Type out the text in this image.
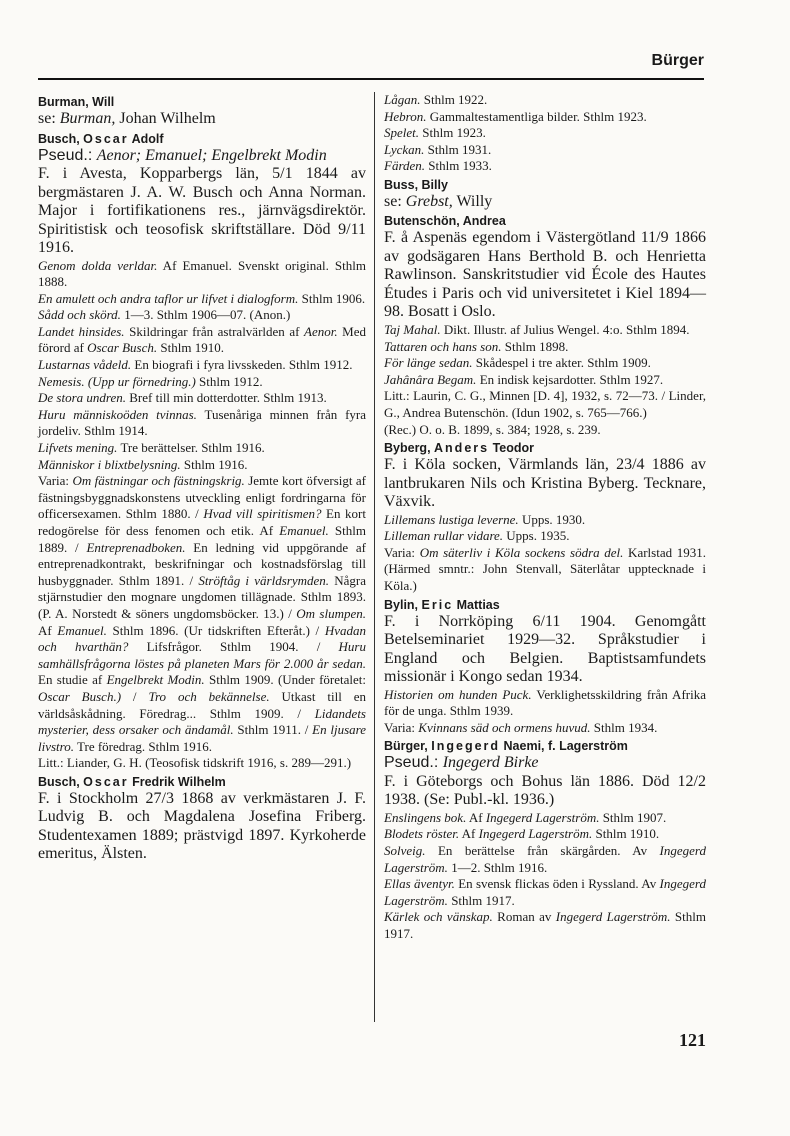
Bürger
Burman, Will
se: Burman, Johan Wilhelm
Busch, Oscar Adolf
Pseud.: Aenor; Emanuel; Engelbrekt Modin
F. i Avesta, Kopparbergs län, 5/1 1844 av bergmästaren J. A. W. Busch och Anna Norman. Major i fortifikationens res., järnvägsdirektör. Spiritistisk och teosofisk skriftställare. Död 9/11 1916.
Genom dolda verldar. Af Emanuel. Svenskt original. Sthlm 1888.
En amulett och andra taflor ur lifvet i dialogform. Sthlm 1906.
Sådd och skörd. 1—3. Sthlm 1906—07. (Anon.)
Landet hinsides. Skildringar från astralvärlden af Aenor. Med förord af Oscar Busch. Sthlm 1910.
Lustarnas vådeld. En biografi i fyra livsskeden. Sthlm 1912.
Nemesis. (Upp ur förnedring.) Sthlm 1912.
De stora undren. Bref till min dotterdotter. Sthlm 1913.
Huru människoöden tvinnas. Tusenåriga minnen från fyra jordeliv. Sthlm 1914.
Lifvets mening. Tre berättelser. Sthlm 1916.
Människor i blixtbelysning. Sthlm 1916.
Varia: Om fästningar och fästningskrig. Jemte kort öfversigt af fästningsbyggnadskonstens utveckling enligt fordringarna för officersexamen. Sthlm 1880. / Hvad vill spiritismen? En kort redogörelse för dess fenomen och etik. Af Emanuel. Sthlm 1889. / Entreprenadboken. En ledning vid uppgörande af entreprenadkontrakt, beskrifningar och kostnadsförslag till husbyggnader. Sthlm 1891. / Ströftåg i världsrymden. Några stjärnstudier den mognare ungdomen tillägnade. Sthlm 1893. (P. A. Norstedt & söners ungdomsböcker. 13.) / Om slumpen. Af Emanuel. Sthlm 1896. (Ur tidskriften Efteråt.) / Hvadan och hvarthän? Lifsfrågor. Sthlm 1904. / Huru samhällsfrågorna löstes på planeten Mars för 2.000 år sedan. En studie af Engelbrekt Modin. Sthlm 1909. (Under företalet: Oscar Busch.) / Tro och bekännelse. Utkast till en världsåskådning. Föredrag... Sthlm 1909. / Lidandets mysterier, dess orsaker och ändamål. Sthlm 1911. / En ljusare livstro. Tre föredrag. Sthlm 1916.
Litt.: Liander, G. H. (Teosofisk tidskrift 1916, s. 289—291.)
Busch, Oscar Fredrik Wilhelm
F. i Stockholm 27/3 1868 av verkmästaren J. F. Ludvig B. och Magdalena Josefina Friberg. Studentexamen 1889; prästvigd 1897. Kyrkoherde emeritus, Älsten.
Lågan. Sthlm 1922.
Hebron. Gammaltestamentliga bilder. Sthlm 1923.
Spelet. Sthlm 1923.
Lyckan. Sthlm 1931.
Färden. Sthlm 1933.
Buss, Billy
se: Grebst, Willy
Butenschön, Andrea
F. å Aspenäs egendom i Västergötland 11/9 1866 av godsägaren Hans Berthold B. och Henrietta Rawlinson. Sanskritstudier vid École des Hautes Études i Paris och vid universitetet i Kiel 1894—98. Bosatt i Oslo.
Taj Mahal. Dikt. Illustr. af Julius Wengel. 4:o. Sthlm 1894.
Tattaren och hans son. Sthlm 1898.
För länge sedan. Skådespel i tre akter. Sthlm 1909.
Jahânâra Begam. En indisk kejsardotter. Sthlm 1927.
Litt.: Laurin, C. G., Minnen [D. 4], 1932, s. 72—73. / Linder, G., Andrea Butenschön. (Idun 1902, s. 765—766.)
(Rec.) O. o. B. 1899, s. 384; 1928, s. 239.
Byberg, Anders Teodor
F. i Köla socken, Värmlands län, 23/4 1886 av lantbrukaren Nils och Kristina Byberg. Tecknare, Växvik.
Lillemans lustiga leverne. Upps. 1930.
Lilleman rullar vidare. Upps. 1935.
Varia: Om säterliv i Köla sockens södra del. Karlstad 1931. (Härmed smntr.: John Stenvall, Säterlåtar upptecknade i Köla.)
Bylin, Eric Mattias
F. i Norrköping 6/11 1904. Genomgått Betelseminariet 1929—32. Språkstudier i England och Belgien. Baptistsamfundets missionär i Kongo sedan 1934.
Historien om hunden Puck. Verklighetsskildring från Afrika för de unga. Sthlm 1939.
Varia: Kvinnans säd och ormens huvud. Sthlm 1934.
Bürger, Ingegerd Naemi, f. Lagerström
Pseud.: Ingegerd Birke
F. i Göteborgs och Bohus län 1886. Död 12/2 1938. (Se: Publ.-kl. 1936.)
Enslingens bok. Af Ingegerd Lagerström. Sthlm 1907.
Blodets röster. Af Ingegerd Lagerström. Sthlm 1910.
Solveig. En berättelse från skärgården. Av Ingegerd Lagerström. 1—2. Sthlm 1916.
Ellas äventyr. En svensk flickas öden i Ryssland. Av Ingegerd Lagerström. Sthlm 1917.
Kärlek och vänskap. Roman av Ingegerd Lagerström. Sthlm 1917.
121
